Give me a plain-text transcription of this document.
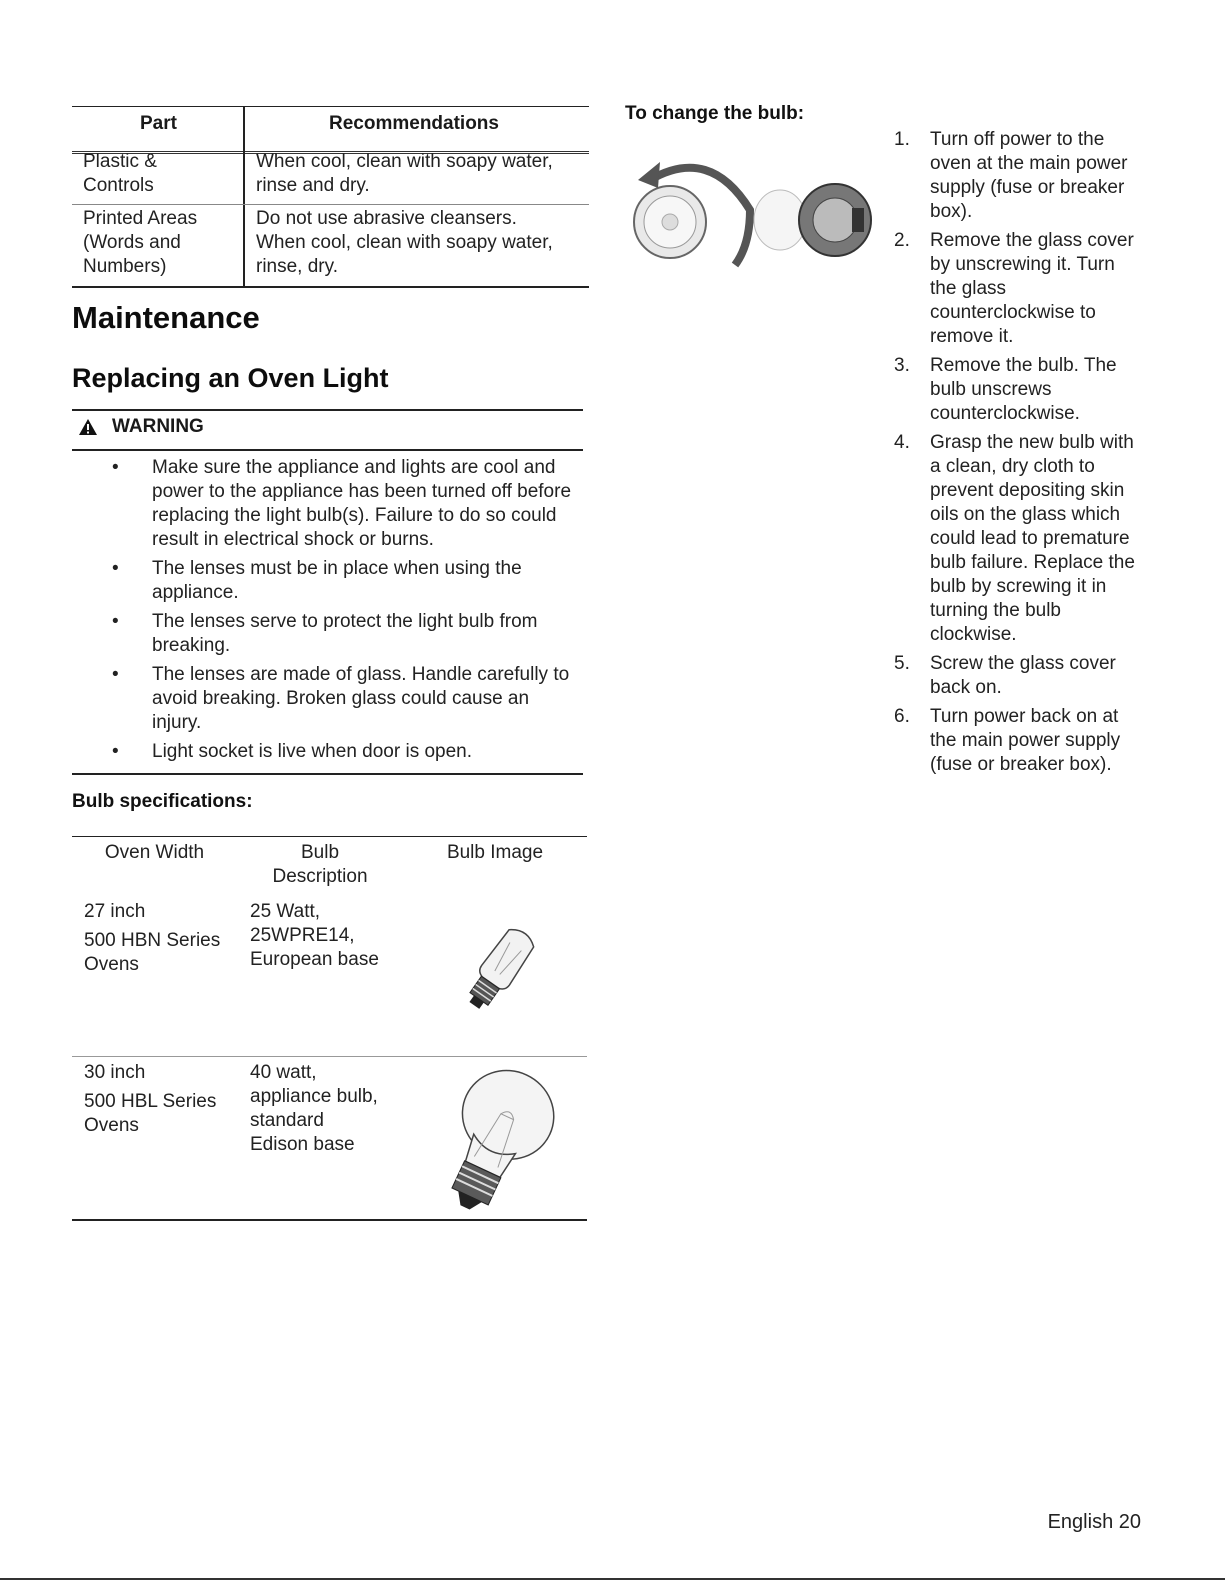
Part	Recommendations
Plastic &
Controls
When cool, clean with soapy water,
rinse and dry.
Printed Areas
(Words and
Numbers)
Do not use abrasive cleansers.
When cool, clean with soapy water,
rinse, dry.
Maintenance
Replacing an Oven Light
WARNING
• Make sure the appliance and lights are cool and power to the appliance has been turned off before replacing the light bulb(s). Failure to do so could result in electrical shock or burns.
• The lenses must be in place when using the appliance.
• The lenses serve to protect the light bulb from breaking.
• The lenses are made of glass. Handle carefully to avoid breaking. Broken glass could cause an injury.
• Light socket is live when door is open.
Bulb specifications:
Oven Width	Bulb
Description
Bulb Image
27 inch
500 HBN Series
Ovens
25 Watt,
25WPRE14,
European base
30 inch
500 HBL Series
Ovens
40 watt,
appliance bulb,
standard
Edison base
To change the bulb:
1. Turn off power to the oven at the main power supply (fuse or breaker box).
2. Remove the glass cover by unscrewing it. Turn the glass counterclockwise to remove it.
3. Remove the bulb. The bulb unscrews counterclockwise.
4. Grasp the new bulb with a clean, dry cloth to prevent depositing skin oils on the glass which could lead to premature bulb failure. Replace the bulb by screwing it in turning the bulb clockwise.
5. Screw the glass cover back on.
6. Turn power back on at the main power supply (fuse or breaker box).
English 20
